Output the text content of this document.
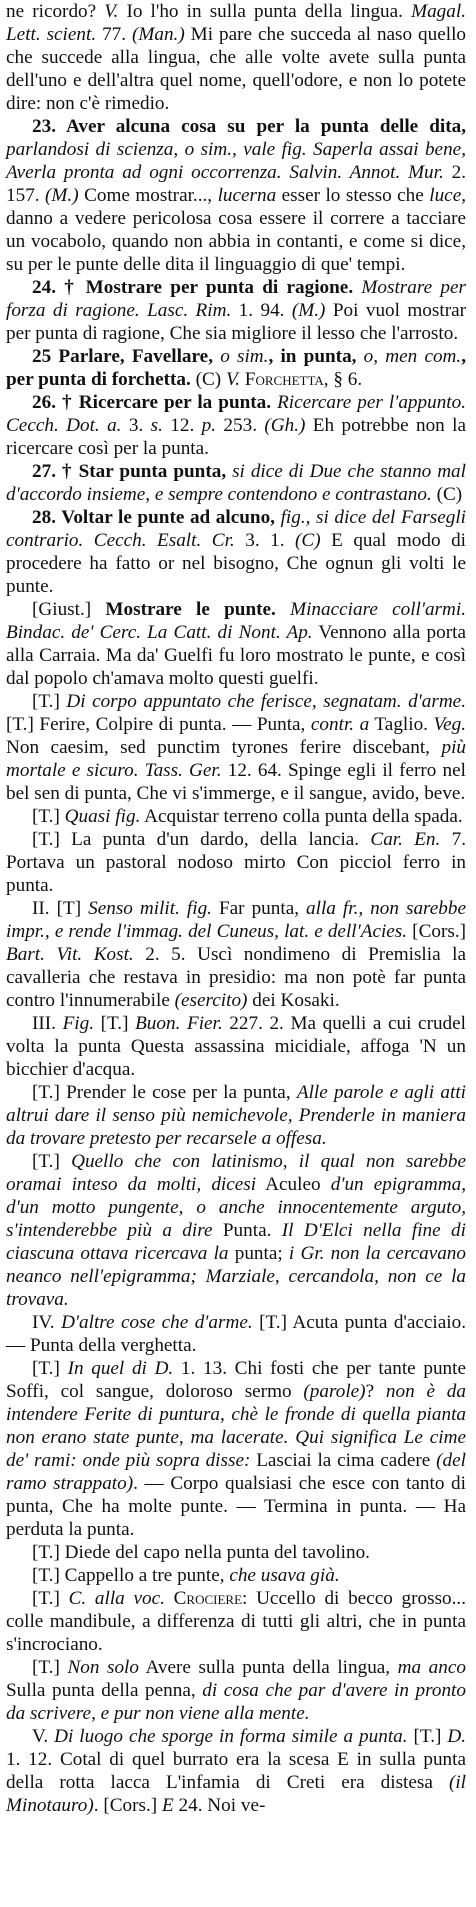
ne ricordo? V. Io l'ho in sulla punta della lingua. Magal. Lett. scient. 77. (Man.) Mi pare che succeda al naso quello che succede alla lingua, che alle volte avete sulla punta dell'uno e dell'altra quel nome, quell'odore, e non lo potete dire: non c'è rimedio.

23. Aver alcuna cosa su per la punta delle dita, parlandosi di scienza, o sim., vale fig. Saperla assai bene, Averla pronta ad ogni occorrenza. Salvin. Annot. Mur. 2. 157. (M.) Come mostrar..., lucerna esser lo stesso che luce, danno a vedere pericolosa cosa essere il correre a tacciare un vocabolo, quando non abbia in contanti, e come si dice, su per le punte delle dita il linguaggio di que' tempi.

24. † Mostrare per punta di ragione. Mostrare per forza di ragione. Lasc. Rim. 1. 94. (M.) Poi vuol mostrar per punta di ragione, Che sia migliore il lesso che l'arrosto.

25 Parlare, Favellare, o sim., in punta, o, men com., per punta di forchetta. (C) V. Forchetta, § 6.

26. † Ricercare per la punta. Ricercare per l'appunto. Cecch. Dot. a. 3. s. 12. p. 253. (Gh.) Eh potrebbe non la ricercare così per la punta.

27. † Star punta punta, si dice di Due che stanno mal d'accordo insieme, e sempre contendono e contrastano. (C)

28. Voltar le punte ad alcuno, fig., si dice del Farsegli contrario. Cecch. Esalt. Cr. 3. 1. (C) E qual modo di procedere ha fatto or nel bisogno, Che ognun gli volti le punte.

[Giust.] Mostrare le punte. Minacciare coll'armi. Bindac. de' Cerc. La Catt. di Nont. Ap. Vennono alla porta alla Carraia. Ma da' Guelfi fu loro mostrato le punte, e così dal popolo ch'amava molto questi guelfi.

[T.] Di corpo appuntato che ferisce, segnatam. d'arme. [T.] Ferire, Colpire di punta. — Punta, contr. a Taglio. Veg. Non caesim, sed punctim tyrones ferire discebant, più mortale e sicuro. Tass. Ger. 12. 64. Spinge egli il ferro nel bel sen di punta, Che vi s'immerge, e il sangue, avido, beve.

[T.] Quasi fig. Acquistar terreno colla punta della spada.

[T.] La punta d'un dardo, della lancia. Car. En. 7. Portava un pastoral nodoso mirto Con picciol ferro in punta.

II. [T] Senso milit. fig. Far punta, alla fr., non sarebbe impr., e rende l'immag. del Cuneus, lat. e dell'Acies. [Cors.] Bart. Vit. Kost. 2. 5. Uscì nondimeno di Premislia la cavalleria che restava in presidio: ma non potè far punta contro l'innumerabile (esercito) dei Kosaki.

III. Fig. [T.] Buon. Fier. 227. 2. Ma quelli a cui crudel volta la punta Questa assassina micidiale, affoga 'N un bicchier d'acqua.

[T.] Prender le cose per la punta, Alle parole e agli atti altrui dare il senso più nemichevole, Prenderle in maniera da trovare pretesto per recarsele a offesa.

[T.] Quello che con latinismo, il qual non sarebbe oramai inteso da molti, dicesi Aculeo d'un epigramma, d'un motto pungente, o anche innocentemente arguto, s'intenderebbe più a dire Punta. Il D'Elci nella fine di ciascuna ottava ricercava la punta; i Gr. non la cercavano neanco nell'epigramma; Marziale, cercandola, non ce la trovava.

IV. D'altre cose che d'arme. [T.] Acuta punta d'acciaio. — Punta della verghetta.

[T.] In quel di D. 1. 13. Chi fosti che per tante punte Soffi, col sangue, doloroso sermo (parole)? non è da intendere Ferite di puntura, chè le fronde di quella pianta non erano state punte, ma lacerate. Qui significa Le cime de' rami: onde più sopra disse: Lasciai la cima cadere (del ramo strappato). — Corpo qualsiasi che esce con tanto di punta, Che ha molte punte. — Termina in punta. — Ha perduta la punta.

[T.] Diede del capo nella punta del tavolino.

[T.] Cappello a tre punte, che usava già.

[T.] C. alla voc. Crociere: Uccello di becco grosso... colle mandibule, a differenza di tutti gli altri, che in punta s'incrociano.

[T.] Non solo Avere sulla punta della lingua, ma anco Sulla punta della penna, di cosa che par d'avere in pronto da scrivere, e pur non viene alla mente.

V. Di luogo che sporge in forma simile a punta. [T.] D. 1. 12. Cotal di quel burrato era la scesa E in sulla punta della rotta lacca L'infamia di Creti era distesa (il Minotauro). [Cors.] E 24. Noi ve-
